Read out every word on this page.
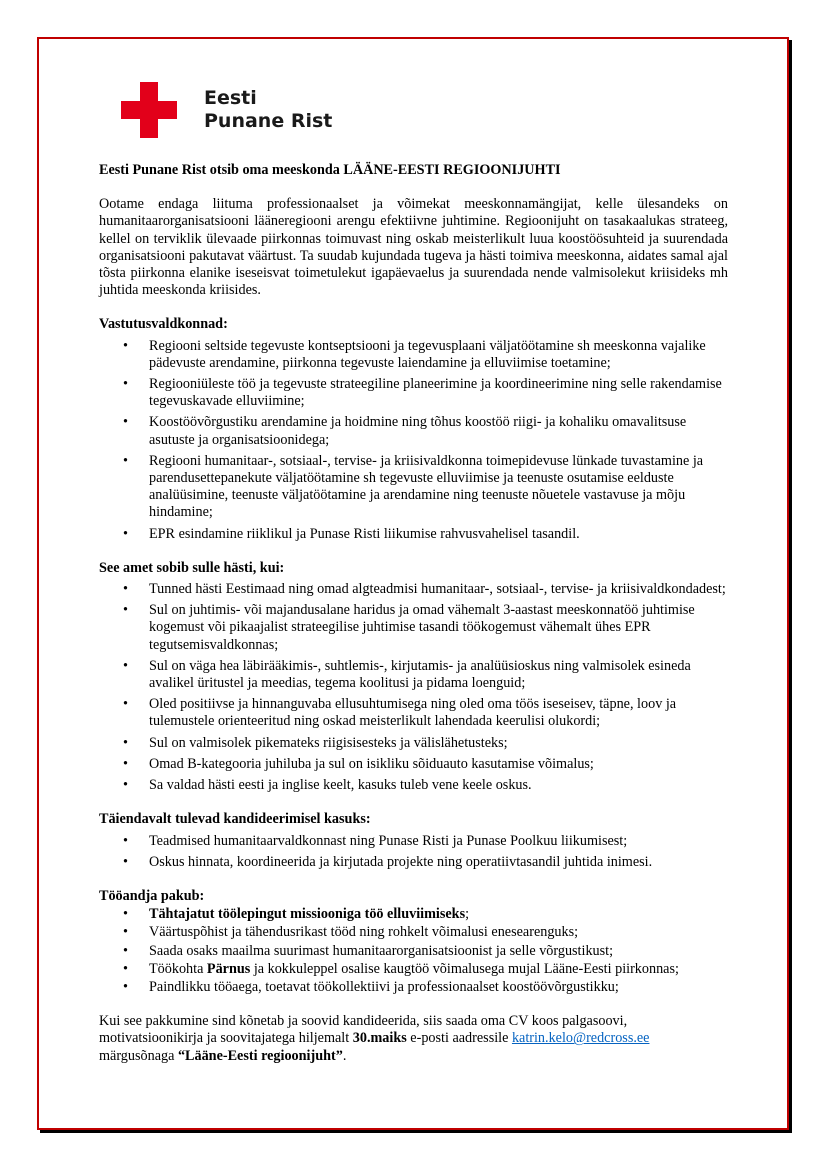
Eesti
Punane Rist

Eesti Punane Rist otsib oma meeskonda LÄÄNE-EESTI REGIOONIJUHTI

Ootame endaga liituma professionaalset ja võimekat meeskonnamängijat, kelle ülesandeks on humanitaarorganisatsiooni lääneregiooni arengu efektiivne juhtimine. Regioonijuht on tasakaalukas strateeg, kellel on terviklik ülevaade piirkonnas toimuvast ning oskab meisterlikult luua koostöösuhteid ja suurendada organisatsiooni pakutavat väärtust. Ta suudab kujundada tugeva ja hästi toimiva meeskonna, aidates samal ajal tõsta piirkonna elanike iseseisvat toimetulekut igapäevaelus ja suurendada nende valmisolekut kriisideks mh juhtida meeskonda kriisides.

Vastutusvaldkonnad:

• Regiooni seltside tegevuste kontseptsiooni ja tegevusplaani väljatöötamine sh meeskonna vajalike pädevuste arendamine, piirkonna tegevuste laiendamine ja elluviimise toetamine;
• Regiooniüleste töö ja tegevuste strateegiline planeerimine ja koordineerimine ning selle rakendamise tegevuskavade elluviimine;
• Koostöövõrgustiku arendamine ja hoidmine ning tõhus koostöö riigi- ja kohaliku omavalitsuse asutuste ja organisatsioonidega;
• Regiooni humanitaar-, sotsiaal-, tervise- ja kriisivaldkonna toimepidevuse lünkade tuvastamine ja parendusettepanekute väljatöötamine sh tegevuste elluviimise ja teenuste osutamise eelduste analüüsimine, teenuste väljatöötamine ja arendamine ning teenuste nõuetele vastavuse ja mõju hindamine;
• EPR esindamine riiklikul ja Punase Risti liikumise rahvusvahelisel tasandil.

See amet sobib sulle hästi, kui:

• Tunned hästi Eestimaad ning omad algteadmisi humanitaar-, sotsiaal-, tervise- ja kriisivaldkondadest;
• Sul on juhtimis- või majandusalane haridus ja omad vähemalt 3-aastast meeskonnatöö juhtimise kogemust või pikaajalist strateegilise juhtimise tasandi töökogemust vähemalt ühes EPR tegutsemisvaldkonnas;
• Sul on väga hea läbirääkimis-, suhtlemis-, kirjutamis- ja analüüsioskus ning valmisolek esineda avalikel üritustel ja meedias, tegema koolitusi ja pidama loenguid;
• Oled positiivse ja hinnanguvaba ellusuhtumisega ning oled oma töös iseseisev, täpne, loov ja tulemustele orienteeritud ning oskad meisterlikult lahendada keerulisi olukordi;
• Sul on valmisolek pikemateks riigisisesteks ja välislähetusteks;
• Omad B-kategooria juhiluba ja sul on isikliku sõiduauto kasutamise võimalus;
• Sa valdad hästi eesti ja inglise keelt, kasuks tuleb vene keele oskus.

Täiendavalt tulevad kandideerimisel kasuks:

• Teadmised humanitaarvaldkonnast ning Punase Risti ja Punase Poolkuu liikumisest;
• Oskus hinnata, koordineerida ja kirjutada projekte ning operatiivtasandil juhtida inimesi.

Tööandja pakub:

• Tähtajatut töölepingut missiooniga töö elluviimiseks;
• Väärtuspõhist ja tähendusrikast tööd ning rohkelt võimalusi enesearenguks;
• Saada osaks maailma suurimast humanitaarorganisatsioonist ja selle võrgustikust;
• Töökohta Pärnus ja kokkuleppel osalise kaugtöö võimalusega mujal Lääne-Eesti piirkonnas;
• Paindlikku tööaega, toetavat töökollektiivi ja professionaalset koostöövõrgustikku;

Kui see pakkumine sind kõnetab ja soovid kandideerida, siis saada oma CV koos palgasoovi, motivatsioonikirja ja soovitajatega hiljemalt 30.maiks e-posti aadressile katrin.kelo@redcross.ee märgusõnaga “Lääne-Eesti regioonijuht”.
